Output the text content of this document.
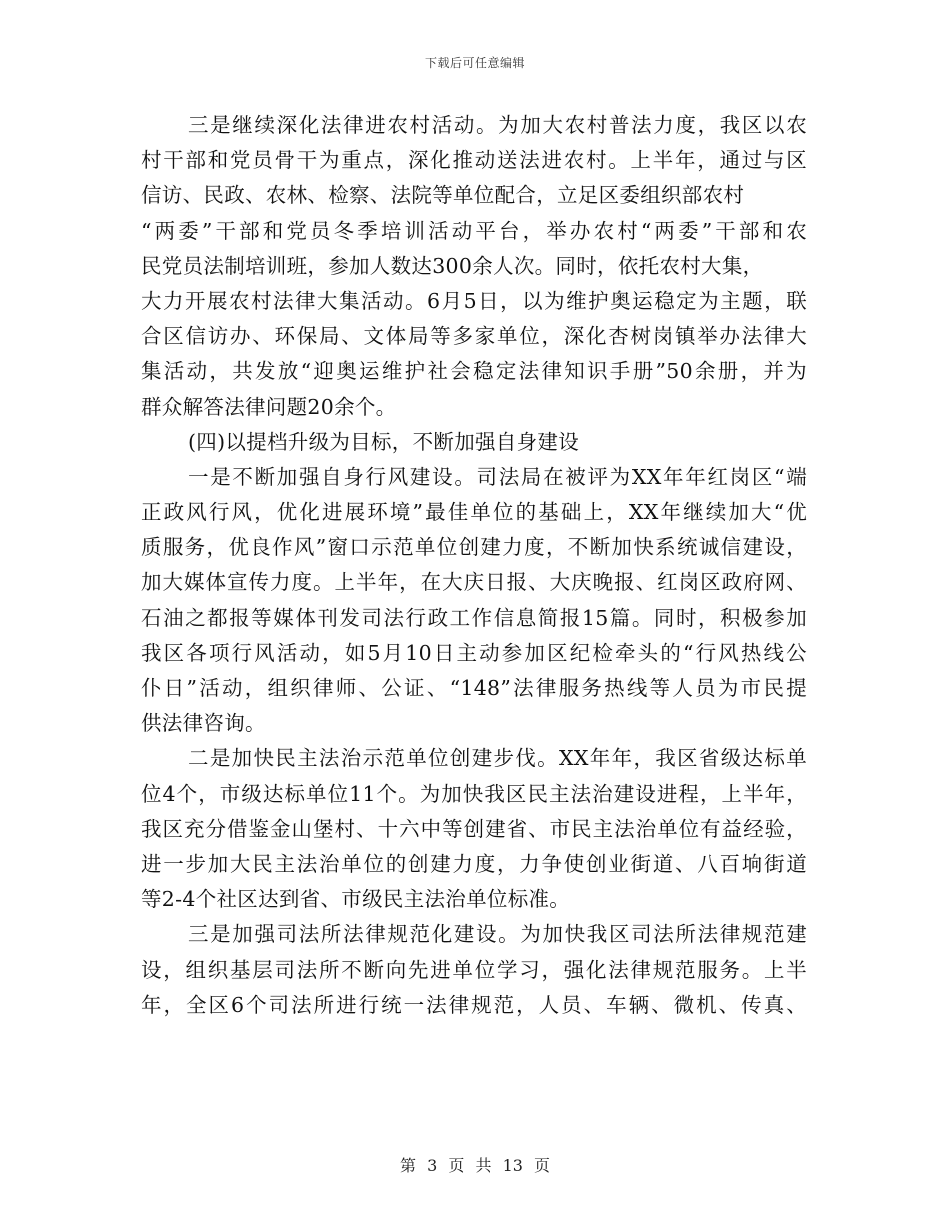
下载后可任意编辑
三是继续深化法律进农村活动。为加大农村普法力度，我区以农
村干部和党员骨干为重点，深化推动送法进农村。上半年，通过与区
信访、民政、农林、检察、法院等单位配合，立足区委组织部农村
“两委”干部和党员冬季培训活动平台，举办农村“两委”干部和农
民党员法制培训班，参加人数达300余人次。同时，依托农村大集，
大力开展农村法律大集活动。6月5日，以为维护奥运稳定为主题，联
合区信访办、环保局、文体局等多家单位，深化杏树岗镇举办法律大
集活动，共发放“迎奥运维护社会稳定法律知识手册”50余册，并为
群众解答法律问题20余个。
(四)以提档升级为目标，不断加强自身建设
一是不断加强自身行风建设。司法局在被评为XX年年红岗区“端
正政风行风，优化进展环境”最佳单位的基础上，XX年继续加大“优
质服务，优良作风”窗口示范单位创建力度，不断加快系统诚信建设，
加大媒体宣传力度。上半年，在大庆日报、大庆晚报、红岗区政府网、
石油之都报等媒体刊发司法行政工作信息简报15篇。同时，积极参加
我区各项行风活动，如5月10日主动参加区纪检牵头的“行风热线公
仆日”活动，组织律师、公证、“148”法律服务热线等人员为市民提
供法律咨询。
二是加快民主法治示范单位创建步伐。XX年年，我区省级达标单
位4个，市级达标单位11个。为加快我区民主法治建设进程，上半年，
我区充分借鉴金山堡村、十六中等创建省、市民主法治单位有益经验，
进一步加大民主法治单位的创建力度，力争使创业街道、八百垧街道
等2-4个社区达到省、市级民主法治单位标准。
三是加强司法所法律规范化建设。为加快我区司法所法律规范建
设，组织基层司法所不断向先进单位学习，强化法律规范服务。上半
年，全区6个司法所进行统一法律规范，人员、车辆、微机、传真、
第 3 页 共 13 页
